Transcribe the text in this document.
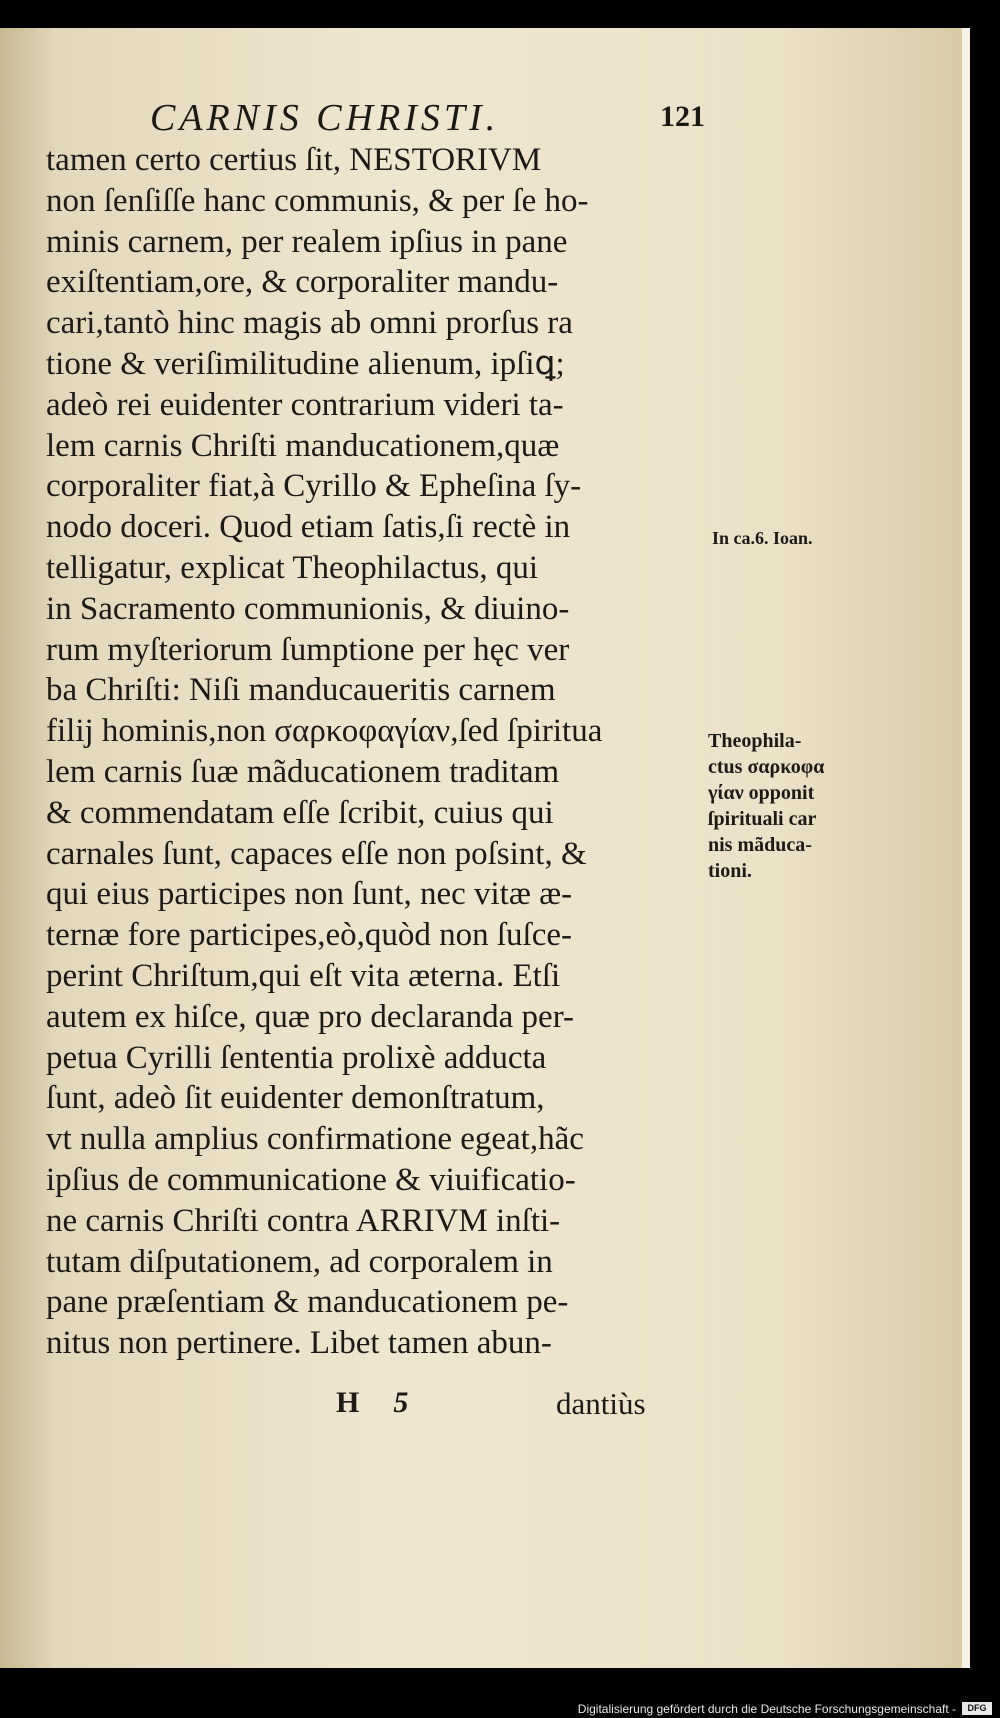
CARNIS CHRISTI.	121
tamen certo certius ſit, NESTORIVM
non ſenſiſſe hanc communis, & per ſe ho-
minis carnem, per realem ipſius in pane
exiſtentiam,ore, & corporaliter mandu-
cari,tantò hinc magis ab omni prorſus ra
tione & veriſimilitudine alienum, ipſiꝗ;
adeò rei euidenter contrarium videri ta-
lem carnis Chriſti manducationem,quæ
corporaliter fiat,à Cyrillo & Epheſina ſy-
nodo doceri. Quod etiam ſatis,ſi rectè in
telligatur, explicat Theophilactus, qui
in Sacramento communionis, & diuino-
rum myſteriorum ſumptione per hęc ver
ba Chriſti: Niſi manducaueritis carnem
filij hominis,non σαρκοφαγίαν,ſed ſpiritua
lem carnis ſuæ mãducationem traditam
& commendatam eſſe ſcribit, cuius qui
carnales ſunt, capaces eſſe non poſsint, &
qui eius participes non ſunt, nec vitæ æ-
ternæ fore participes,eò,quòd non ſuſce-
perint Chriſtum,qui eſt vita æterna. Etſi
autem ex hiſce, quæ pro declaranda per-
petua Cyrilli ſententia prolixè adducta
ſunt, adeò ſit euidenter demonſtratum,
vt nulla amplius confirmatione egeat,hãc
ipſius de communicatione & viuificatio-
ne carnis Chriſti contra ARRIVM inſti-
tutam diſputationem, ad corporalem in
pane præſentiam & manducationem pe-
nitus non pertinere. Libet tamen abun-
In ca.6. Ioan.
Theophila-
ctus σαρκοφα
γίαν opponit
ſpirituali car
nis mãduca-
tioni.
H 5	dantiùs
Digitalisierung gefördert durch die Deutsche Forschungsgemeinschaft -	DFG
